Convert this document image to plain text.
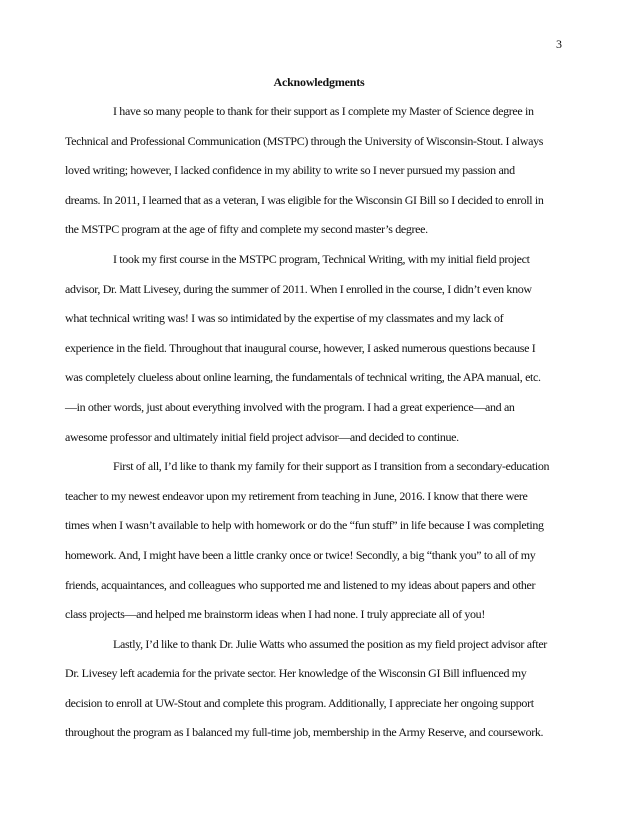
3
Acknowledgments
I have so many people to thank for their support as I complete my Master of Science degree in
Technical and Professional Communication (MSTPC) through the University of Wisconsin-Stout. I always
loved writing; however, I lacked confidence in my ability to write so I never pursued my passion and
dreams. In 2011, I learned that as a veteran, I was eligible for the Wisconsin GI Bill so I decided to enroll in
the MSTPC program at the age of fifty and complete my second master’s degree.
I took my first course in the MSTPC program, Technical Writing, with my initial field project
advisor, Dr. Matt Livesey, during the summer of 2011. When I enrolled in the course, I didn’t even know
what technical writing was! I was so intimidated by the expertise of my classmates and my lack of
experience in the field. Throughout that inaugural course, however, I asked numerous questions because I
was completely clueless about online learning, the fundamentals of technical writing, the APA manual, etc.
—in other words, just about everything involved with the program. I had a great experience—and an
awesome professor and ultimately initial field project advisor—and decided to continue.
First of all, I’d like to thank my family for their support as I transition from a secondary-education
teacher to my newest endeavor upon my retirement from teaching in June, 2016. I know that there were
times when I wasn’t available to help with homework or do the “fun stuff” in life because I was completing
homework. And, I might have been a little cranky once or twice! Secondly, a big “thank you” to all of my
friends, acquaintances, and colleagues who supported me and listened to my ideas about papers and other
class projects—and helped me brainstorm ideas when I had none. I truly appreciate all of you!
Lastly, I’d like to thank Dr. Julie Watts who assumed the position as my field project advisor after
Dr. Livesey left academia for the private sector. Her knowledge of the Wisconsin GI Bill influenced my
decision to enroll at UW-Stout and complete this program. Additionally, I appreciate her ongoing support
throughout the program as I balanced my full-time job, membership in the Army Reserve, and coursework.
